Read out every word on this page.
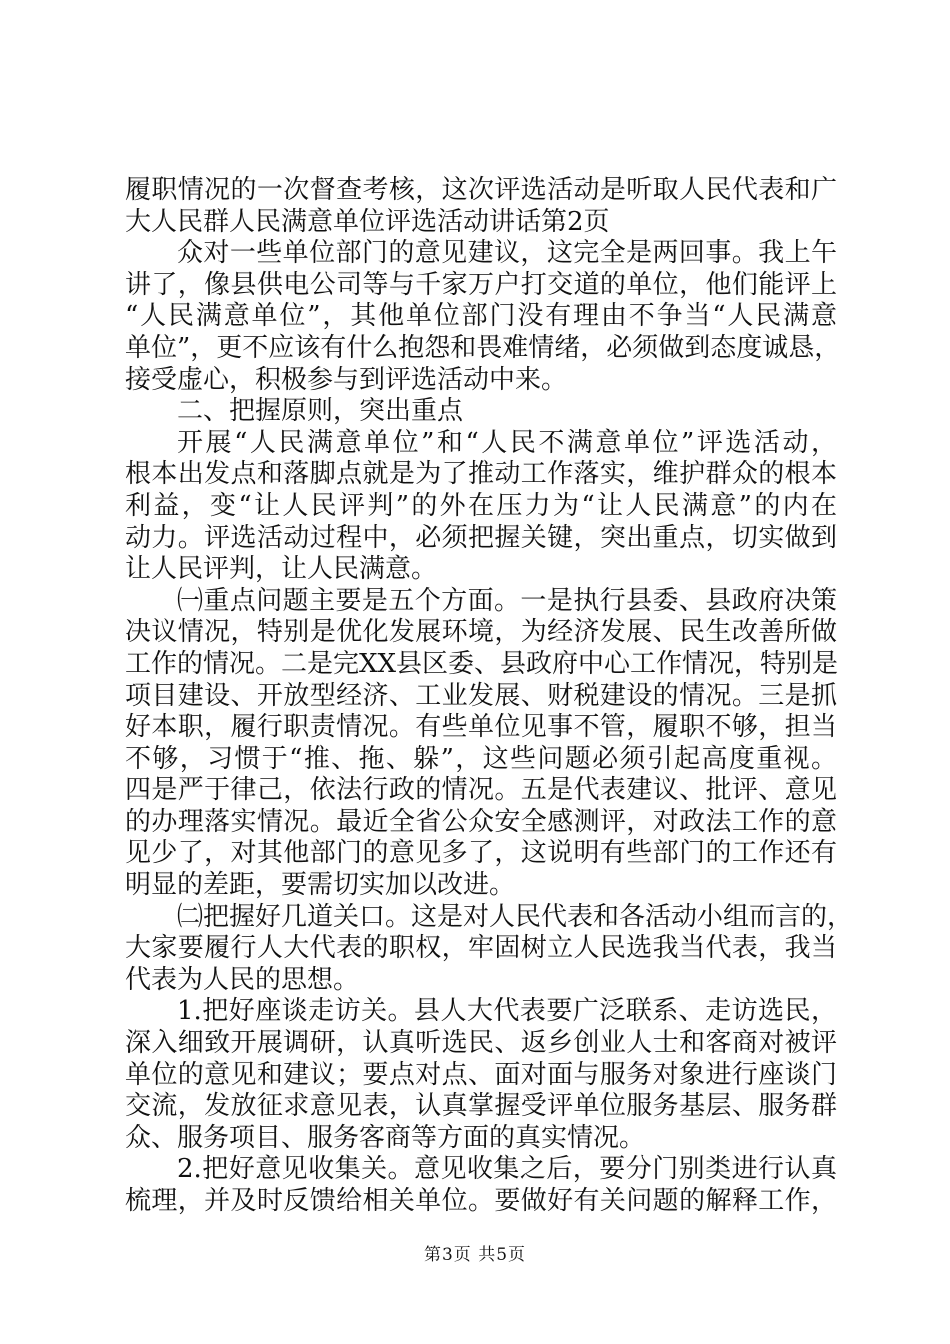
履职情况的一次督查考核，这次评选活动是听取人民代表和广
大人民群人民满意单位评选活动讲话第2页
众对一些单位部门的意见建议，这完全是两回事。我上午
讲了，像县供电公司等与千家万户打交道的单位，他们能评上
“人民满意单位”，其他单位部门没有理由不争当“人民满意
单位”，更不应该有什么抱怨和畏难情绪，必须做到态度诚恳，
接受虚心，积极参与到评选活动中来。
二、把握原则，突出重点
开展“人民满意单位”和“人民不满意单位”评选活动，
根本出发点和落脚点就是为了推动工作落实，维护群众的根本
利益，变“让人民评判”的外在压力为“让人民满意”的内在
动力。评选活动过程中，必须把握关键，突出重点，切实做到
让人民评判，让人民满意。
㈠重点问题主要是五个方面。一是执行县委、县政府决策
决议情况，特别是优化发展环境，为经济发展、民生改善所做
工作的情况。二是完XX县区委、县政府中心工作情况，特别是
项目建设、开放型经济、工业发展、财税建设的情况。三是抓
好本职，履行职责情况。有些单位见事不管，履职不够，担当
不够，习惯于“推、拖、躲”，这些问题必须引起高度重视。
四是严于律己，依法行政的情况。五是代表建议、批评、意见
的办理落实情况。最近全省公众安全感测评，对政法工作的意
见少了，对其他部门的意见多了，这说明有些部门的工作还有
明显的差距，要需切实加以改进。
㈡把握好几道关口。这是对人民代表和各活动小组而言的，
大家要履行人大代表的职权，牢固树立人民选我当代表，我当
代表为人民的思想。
1.把好座谈走访关。县人大代表要广泛联系、走访选民，
深入细致开展调研，认真听选民、返乡创业人士和客商对被评
单位的意见和建议；要点对点、面对面与服务对象进行座谈门
交流，发放征求意见表，认真掌握受评单位服务基层、服务群
众、服务项目、服务客商等方面的真实情况。
2.把好意见收集关。意见收集之后，要分门别类进行认真
梳理，并及时反馈给相关单位。要做好有关问题的解释工作，
第3页 共5页
